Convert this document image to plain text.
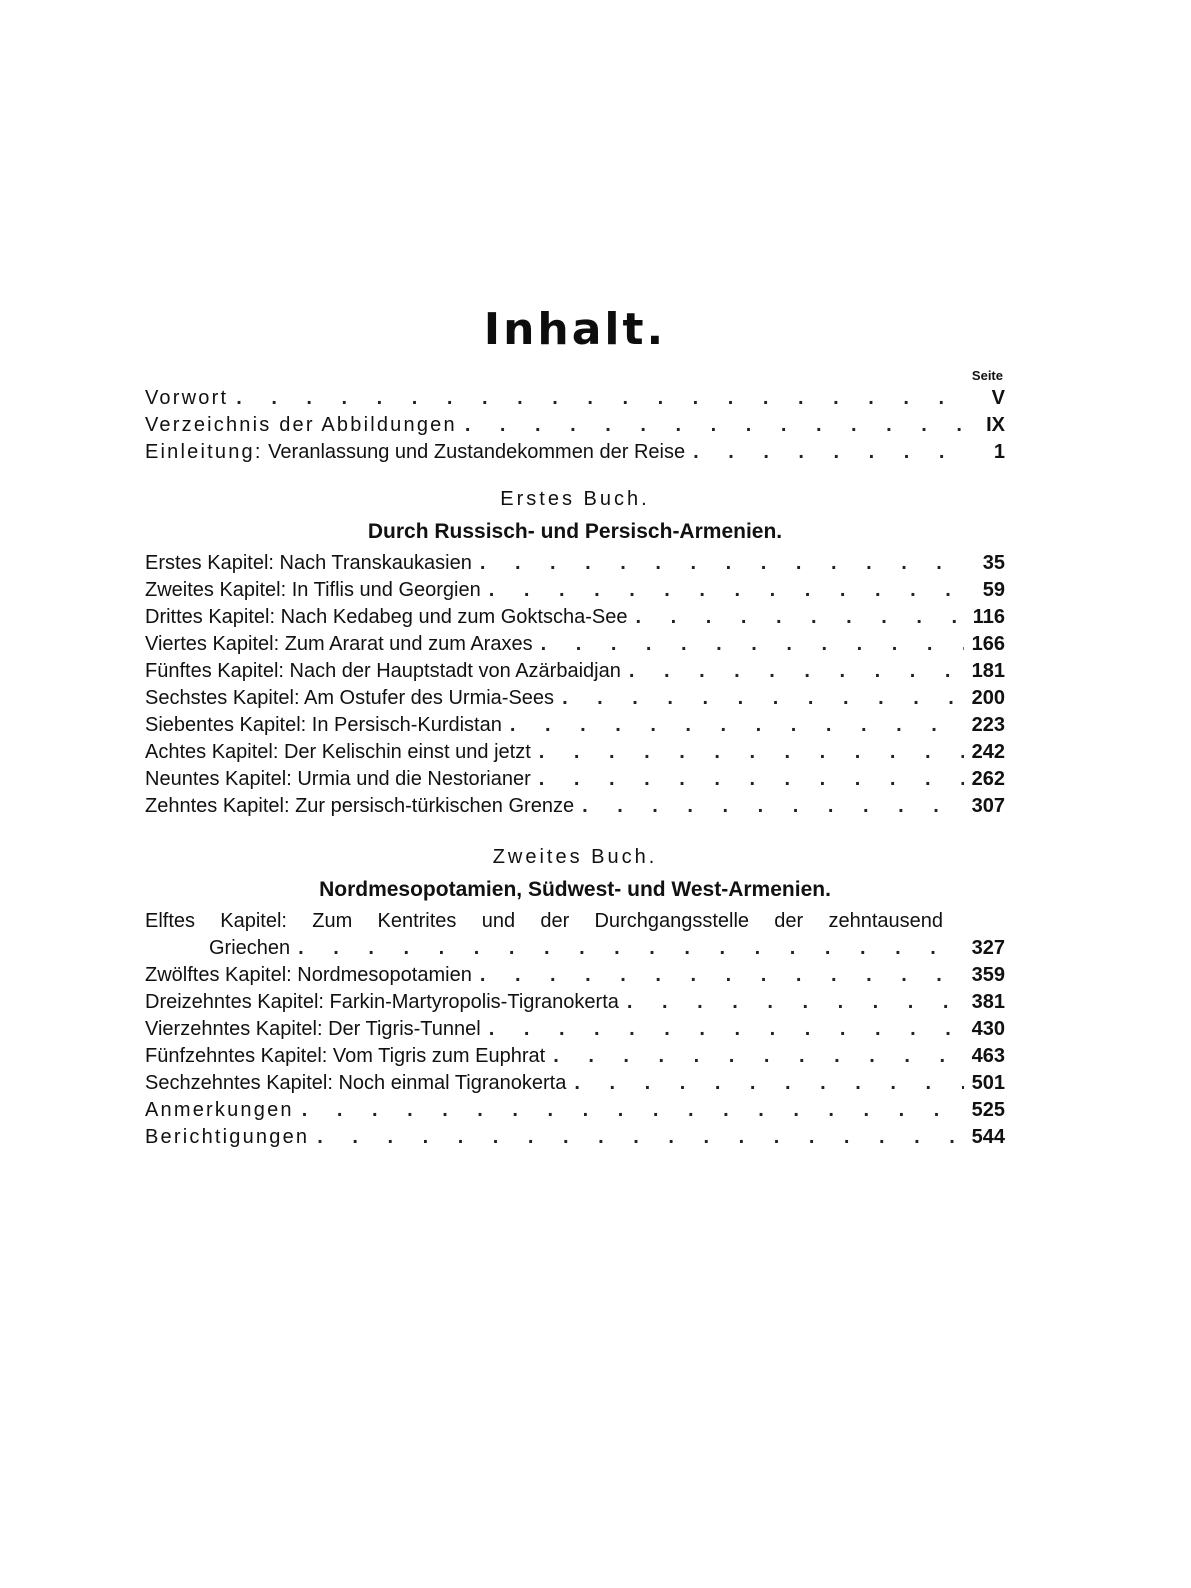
Inhalt.
Seite
Vorwort . . .	V
Verzeichnis der Abbildungen . . .	IX
Einleitung: Veranlassung und Zustandekommen der Reise . . .	1
Erstes Buch.
Durch Russisch- und Persisch-Armenien.
Erstes Kapitel: Nach Transkaukasien . . .	35
Zweites Kapitel: In Tiflis und Georgien . . .	59
Drittes Kapitel: Nach Kedabeg und zum Goktscha-See . . .	116
Viertes Kapitel: Zum Ararat und zum Araxes . . .	166
Fünftes Kapitel: Nach der Hauptstadt von Azärbaidjan . . .	181
Sechstes Kapitel: Am Ostufer des Urmia-Sees . . .	200
Siebentes Kapitel: In Persisch-Kurdistan . . .	223
Achtes Kapitel: Der Kelischin einst und jetzt . . .	242
Neuntes Kapitel: Urmia und die Nestorianer . . .	262
Zehntes Kapitel: Zur persisch-türkischen Grenze . . .	307
Zweites Buch.
Nordmesopotamien, Südwest- und West-Armenien.
Elftes Kapitel: Zum Kentrites und der Durchgangsstelle der zehntausend
Griechen . . .	327
Zwölftes Kapitel: Nordmesopotamien . . .	359
Dreizehntes Kapitel: Farkin-Martyropolis-Tigranokerta . . .	381
Vierzehntes Kapitel: Der Tigris-Tunnel . . .	430
Fünfzehntes Kapitel: Vom Tigris zum Euphrat . . .	463
Sechzehntes Kapitel: Noch einmal Tigranokerta . . .	501
Anmerkungen . . .	525
Berichtigungen . . .	544
